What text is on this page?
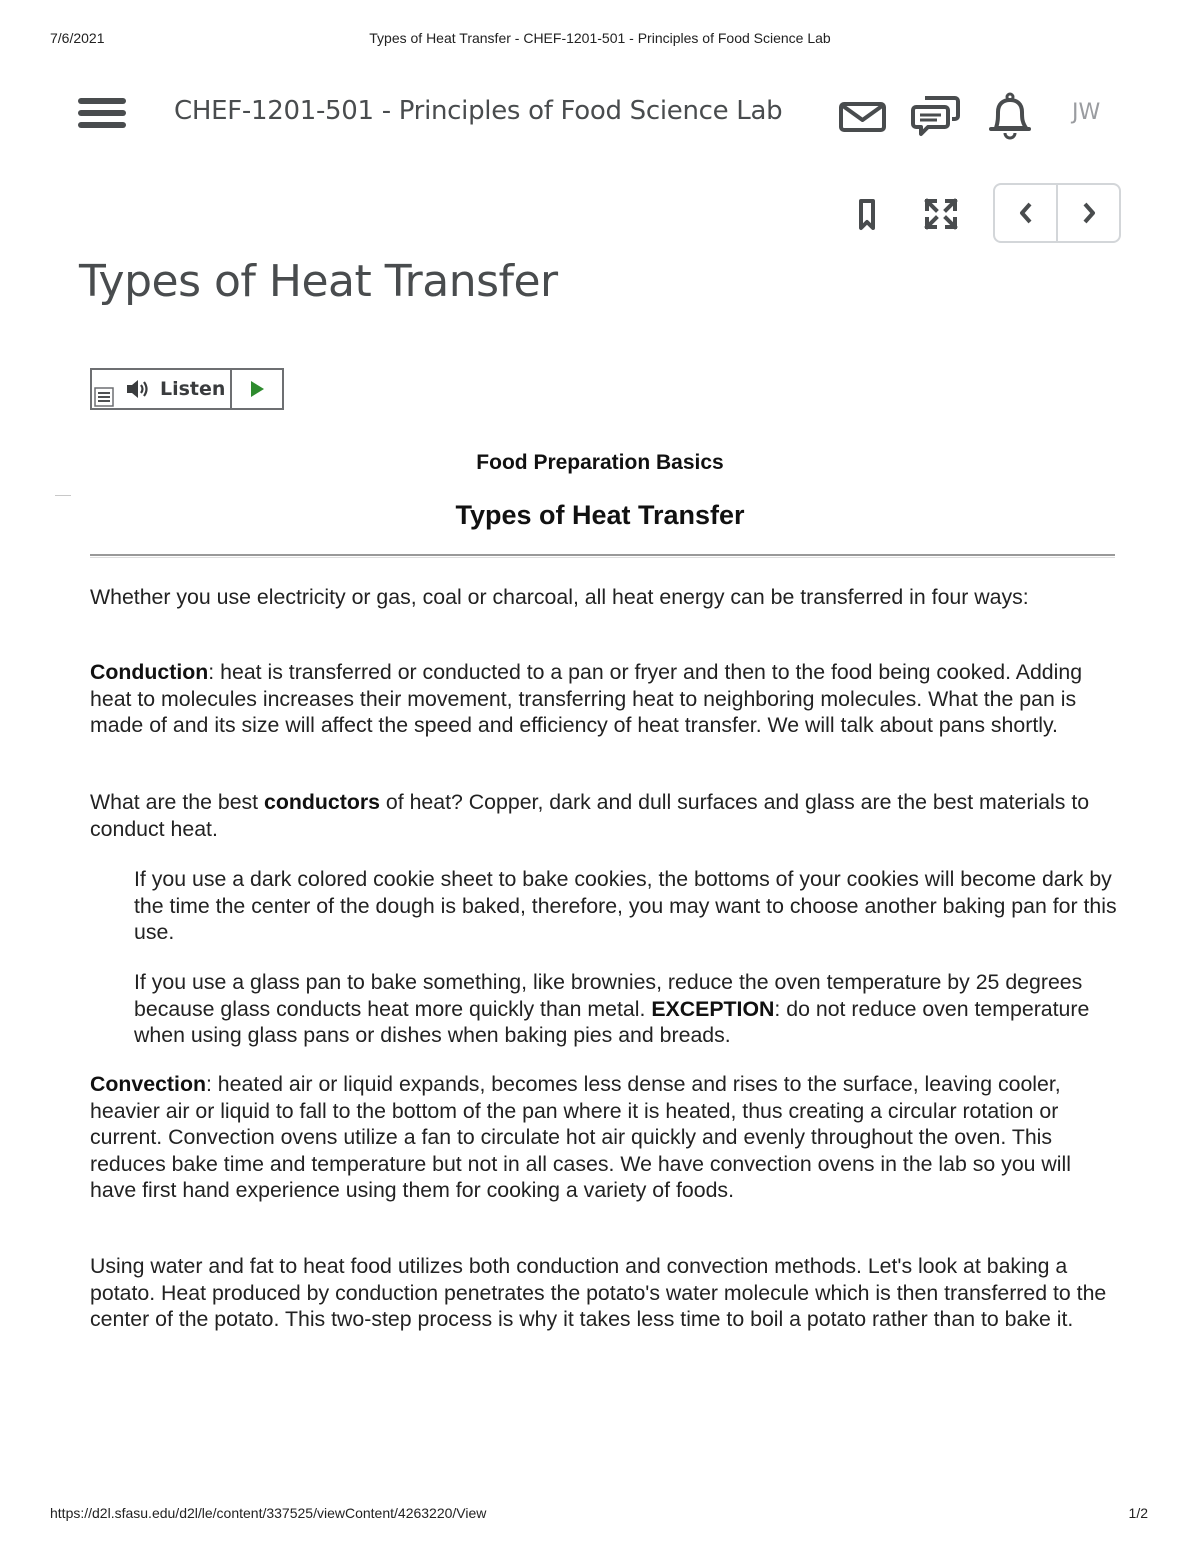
7/6/2021	Types of Heat Transfer - CHEF-1201-501 - Principles of Food Science Lab
CHEF-1201-501 - Principles of Food Science Lab	JW
Types of Heat Transfer
Listen
Food Preparation Basics
Types of Heat Transfer

Whether you use electricity or gas, coal or charcoal, all heat energy can be transferred in four ways:

Conduction: heat is transferred or conducted to a pan or fryer and then to the food being cooked. Adding heat to molecules increases their movement, transferring heat to neighboring molecules. What the pan is made of and its size will affect the speed and efficiency of heat transfer. We will talk about pans shortly.

What are the best conductors of heat? Copper, dark and dull surfaces and glass are the best materials to conduct heat.

If you use a dark colored cookie sheet to bake cookies, the bottoms of your cookies will become dark by the time the center of the dough is baked, therefore, you may want to choose another baking pan for this use.

If you use a glass pan to bake something, like brownies, reduce the oven temperature by 25 degrees because glass conducts heat more quickly than metal. EXCEPTION: do not reduce oven temperature when using glass pans or dishes when baking pies and breads.

Convection: heated air or liquid expands, becomes less dense and rises to the surface, leaving cooler, heavier air or liquid to fall to the bottom of the pan where it is heated, thus creating a circular rotation or current. Convection ovens utilize a fan to circulate hot air quickly and evenly throughout the oven. This reduces bake time and temperature but not in all cases. We have convection ovens in the lab so you will have first hand experience using them for cooking a variety of foods.

Using water and fat to heat food utilizes both conduction and convection methods. Let's look at baking a potato. Heat produced by conduction penetrates the potato's water molecule which is then transferred to the center of the potato. This two-step process is why it takes less time to boil a potato rather than to bake it.

https://d2l.sfasu.edu/d2l/le/content/337525/viewContent/4263220/View	1/2
